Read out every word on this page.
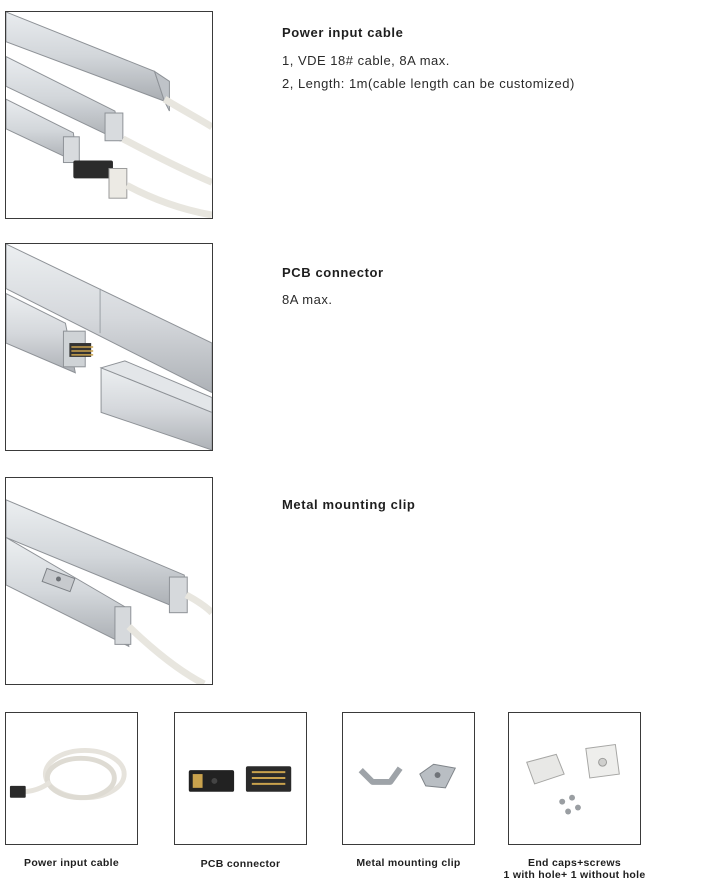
Power input cable
1, VDE 18# cable, 8A max.
2, Length: 1m(cable length can be customized)
PCB connector
8A max.
Metal mounting clip
Power input cable	PCB connector	Metal mounting clip	End caps+screws
1 with hole+ 1 without hole
